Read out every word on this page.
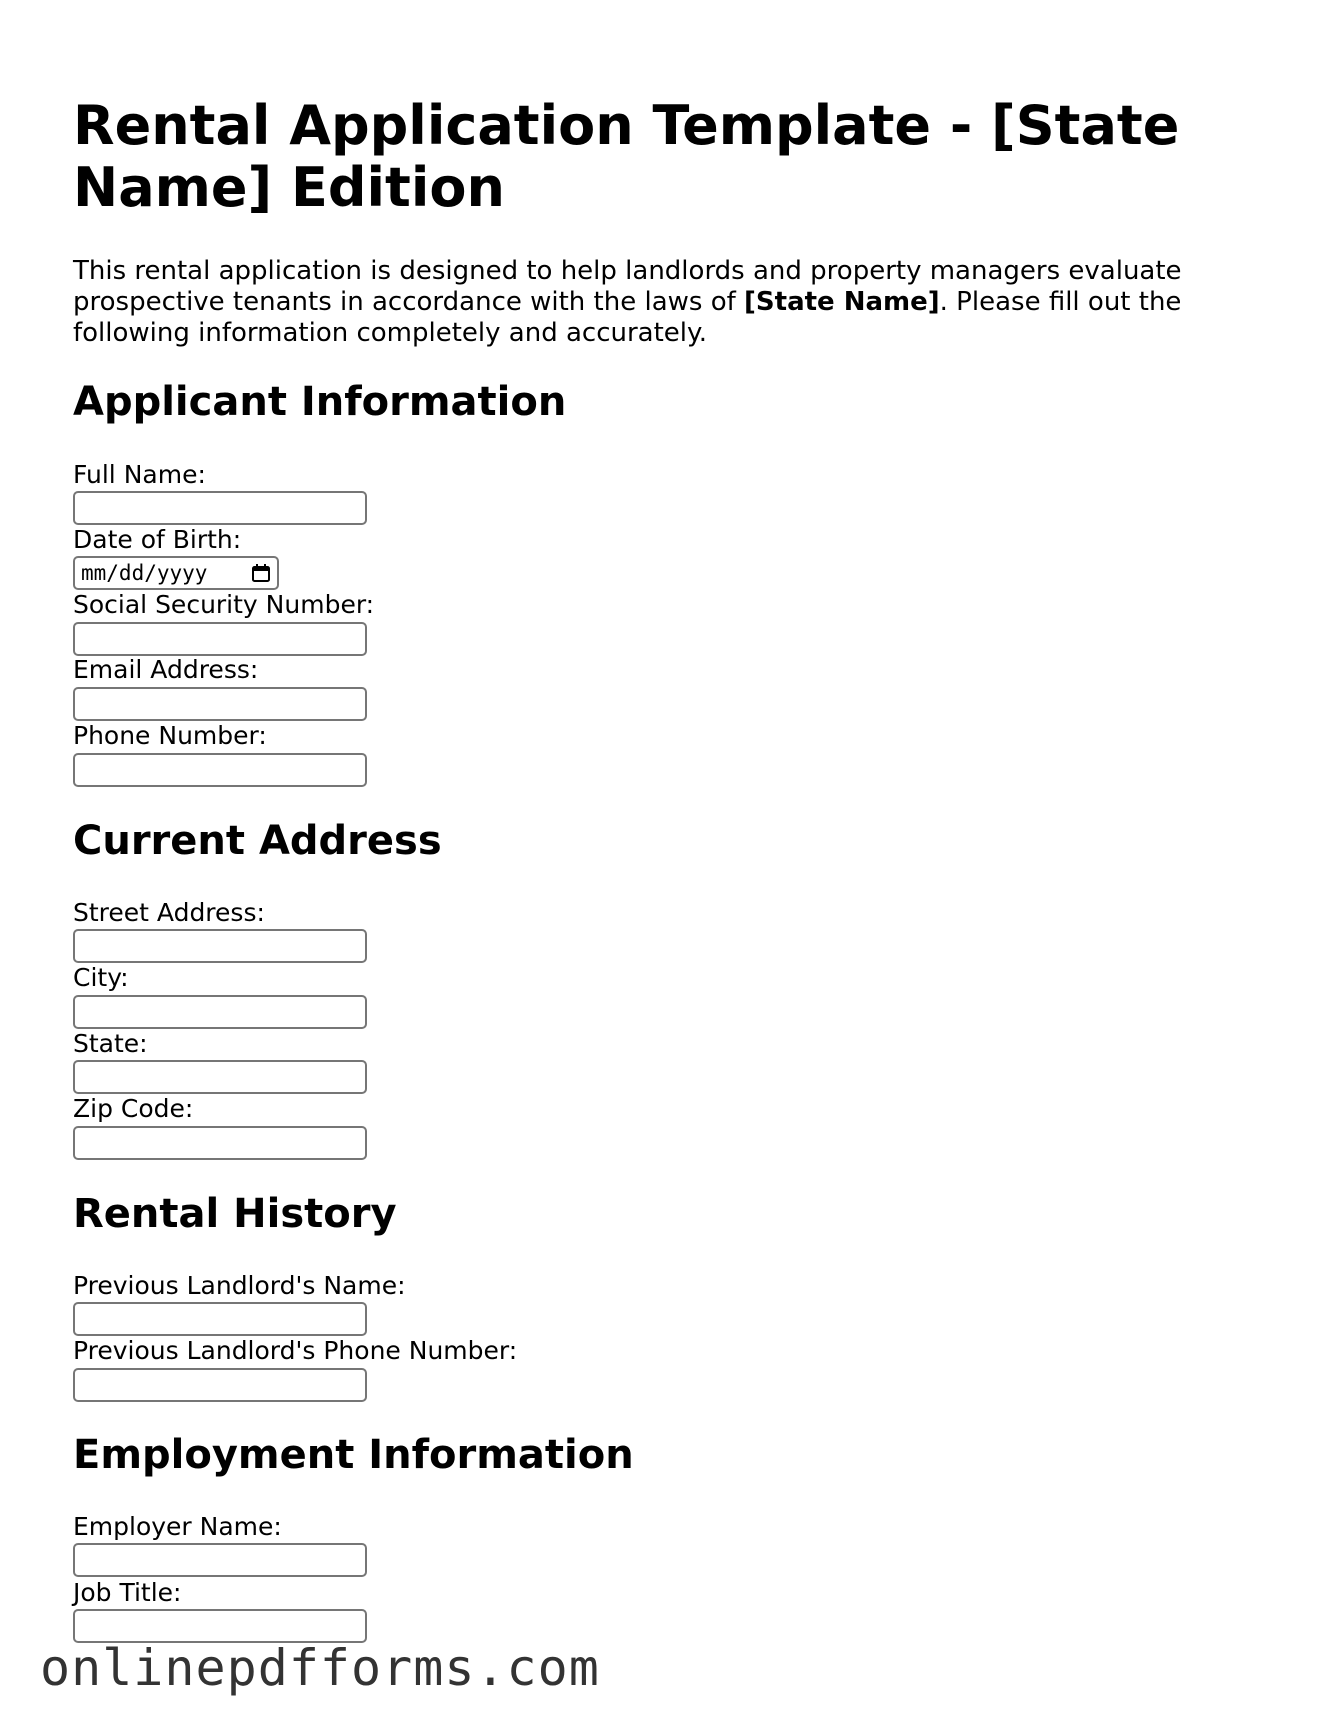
Rental Application Template - [State Name] Edition

This rental application is designed to help landlords and property managers evaluate prospective tenants in accordance with the laws of [State Name]. Please fill out the following information completely and accurately.

Applicant Information
Full Name:
Date of Birth:
mm/dd/yyyy
Social Security Number:
Email Address:
Phone Number:
Current Address
Street Address:
City:
State:
Zip Code:
Rental History
Previous Landlord's Name:
Previous Landlord's Phone Number:
Employment Information
Employer Name:
Job Title:
onlinepdfforms.com
